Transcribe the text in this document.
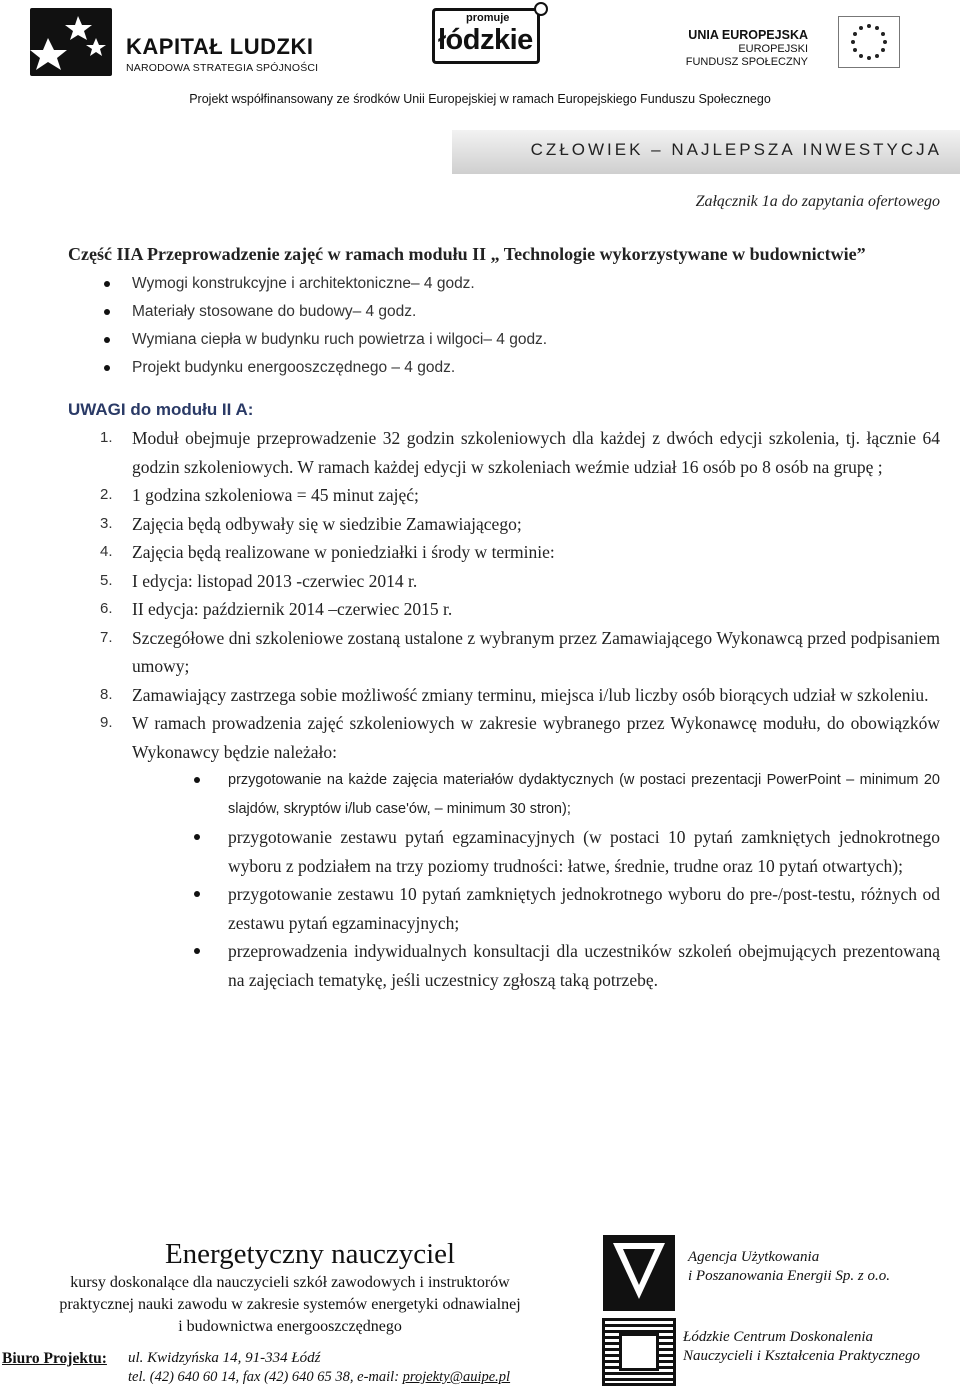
KAPITAŁ LUDZKI
NARODOWA STRATEGIA SPÓJNOŚCI
promuje
łódzkie	UNIA EUROPEJSKA
EUROPEJSKI
FUNDUSZ SPOŁECZNY
Projekt współfinansowany ze środków Unii Europejskiej w ramach Europejskiego Funduszu Społecznego
CZŁOWIEK – NAJLEPSZA INWESTYCJA
Załącznik 1a do zapytania ofertowego
Część IIA Przeprowadzenie zajęć w ramach modułu II „ Technologie wykorzystywane w budownictwie”
Wymogi konstrukcyjne i architektoniczne– 4 godz.
Materiały stosowane do budowy– 4 godz.
Wymiana ciepła w budynku ruch powietrza i wilgoci– 4 godz.
Projekt budynku energooszczędnego – 4 godz.
UWAGI do modułu II A:
1. Moduł obejmuje przeprowadzenie 32 godzin szkoleniowych dla każdej z dwóch edycji szkolenia, tj. łącznie 64 godzin szkoleniowych. W ramach każdej edycji w szkoleniach weźmie udział 16 osób po 8 osób na grupę ;
2. 1 godzina szkoleniowa = 45 minut zajęć;
3. Zajęcia będą odbywały się w siedzibie Zamawiającego;
4. Zajęcia będą realizowane w poniedziałki i środy w terminie:
5. I edycja: listopad 2013 -czerwiec 2014 r.
6. II edycja: październik 2014 –czerwiec 2015 r.
7. Szczegółowe dni szkoleniowe zostaną ustalone z wybranym przez Zamawiającego Wykonawcą przed podpisaniem umowy;
8. Zamawiający zastrzega sobie możliwość zmiany terminu, miejsca i/lub liczby osób biorących udział w szkoleniu.
9. W ramach prowadzenia zajęć szkoleniowych w zakresie wybranego przez Wykonawcę modułu, do obowiązków Wykonawcy będzie należało:
przygotowanie na każde zajęcia materiałów dydaktycznych (w postaci prezentacji PowerPoint – minimum 20 slajdów, skryptów i/lub case'ów, – minimum 30 stron);
przygotowanie zestawu pytań egzaminacyjnych (w postaci 10 pytań zamkniętych jednokrotnego wyboru z podziałem na trzy poziomy trudności: łatwe, średnie, trudne oraz 10 pytań otwartych);
przygotowanie zestawu 10 pytań zamkniętych jednokrotnego wyboru do pre-/post-testu, różnych od zestawu pytań egzaminacyjnych;
przeprowadzenia indywidualnych konsultacji dla uczestników szkoleń obejmujących prezentowaną na zajęciach tematykę, jeśli uczestnicy zgłoszą taką potrzebę.
Energetyczny nauczyciel
kursy doskonalące dla nauczycieli szkół zawodowych i instruktorów
praktycznej nauki zawodu w zakresie systemów energetyki odnawialnej
i budownictwa energooszczędnego
Biuro Projektu: ul. Kwidzyńska 14, 91-334 Łódź
tel. (42) 640 60 14, fax (42) 640 65 38, e-mail: projekty@auipe.pl
Agencja Użytkowania
i Poszanowania Energii Sp. z o.o.
Łódzkie Centrum Doskonalenia
Nauczycieli i Kształcenia Praktycznego
